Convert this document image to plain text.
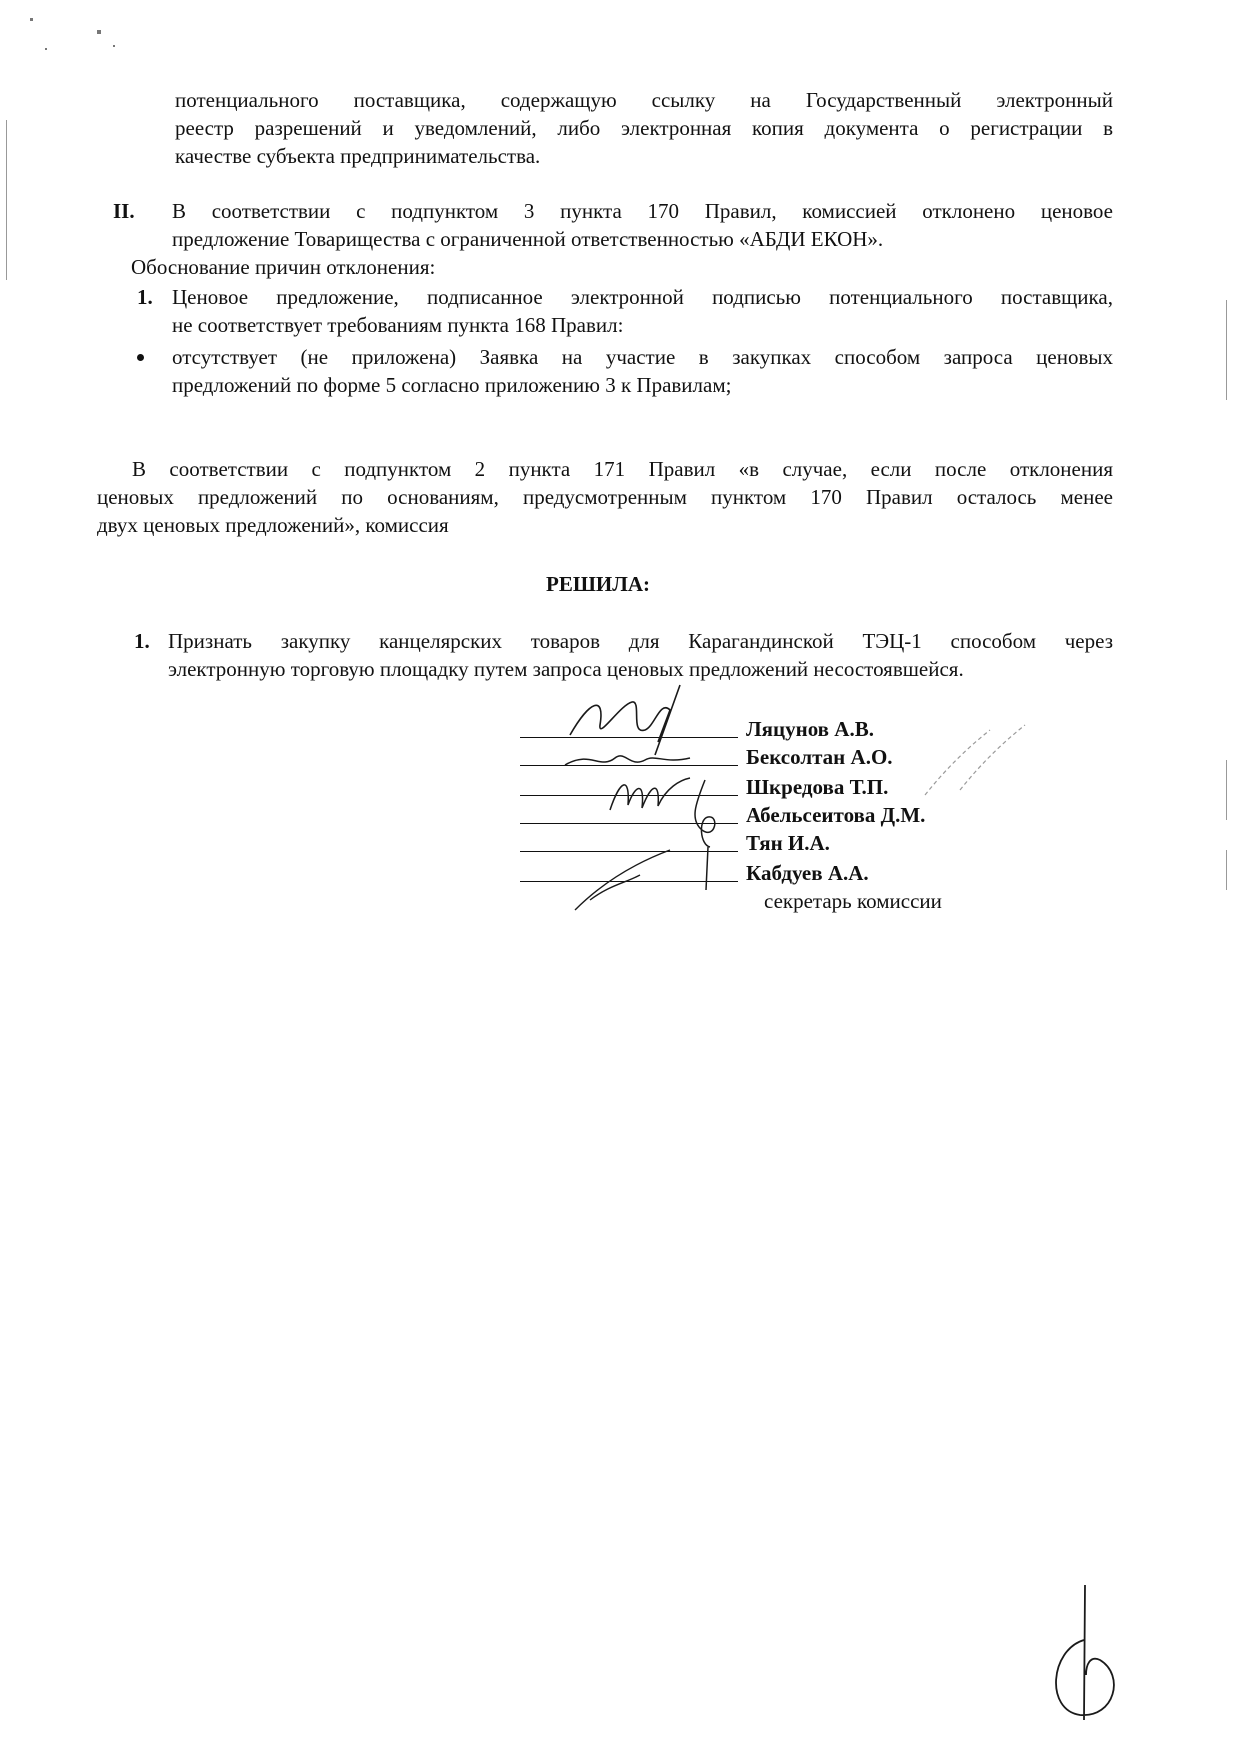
потенциального поставщика, содержащую ссылку на Государственный электронный
реестр разрешений и уведомлений, либо электронная копия документа о регистрации в
качестве субъекта предпринимательства.
II. В соответствии с подпунктом 3 пункта 170 Правил, комиссией отклонено ценовое
предложение Товарищества с ограниченной ответственностью «АБДИ ЕКОН».
Обоснование причин отклонения:
1. Ценовое предложение, подписанное электронной подписью потенциального поставщика,
не соответствует требованиям пункта 168 Правил:
отсутствует (не приложена) Заявка на участие в закупках способом запроса ценовых
предложений по форме 5 согласно приложению 3 к Правилам;
В соответствии с подпунктом 2 пункта 171 Правил «в случае, если после отклонения
ценовых предложений по основаниям, предусмотренным пунктом 170 Правил осталось менее
двух ценовых предложений», комиссия
РЕШИЛА:
1. Признать закупку канцелярских товаров для Карагандинской ТЭЦ-1 способом через
электронную торговую площадку путем запроса ценовых предложений несостоявшейся.
Ляцунов А.В.
Бексолтан А.О.
Шкредова Т.П.
Абельсеитова Д.М.
Тян И.А.
Кабдуев А.А.
секретарь комиссии
